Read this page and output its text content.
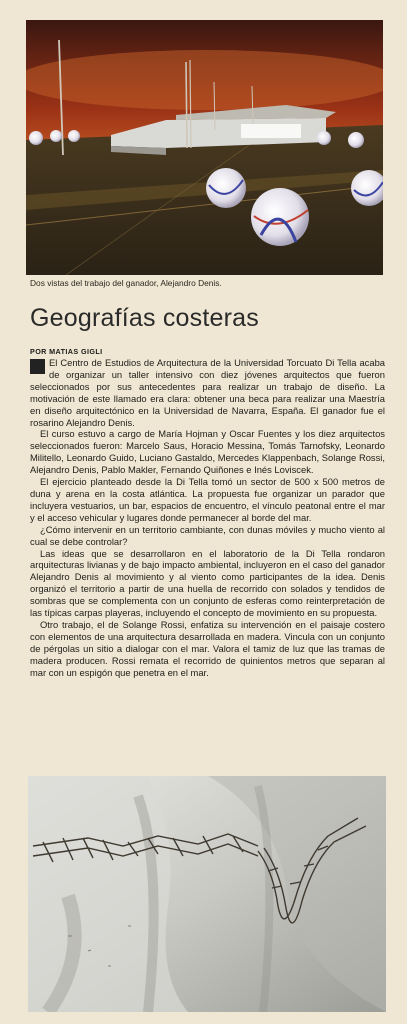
Dos vistas del trabajo del ganador, Alejandro Denis.
Geografías costeras
POR MATIAS GIGLI

El Centro de Estudios de Arquitectura de la Universidad Torcuato Di Tella acaba de organizar un taller intensivo con diez jóvenes arquitectos que fueron seleccionados por sus antecedentes para realizar un trabajo de diseño. La motivación de este llamado era clara: obtener una beca para realizar una Maestría en diseño arquitectónico en la Universidad de Navarra, España. El ganador fue el rosarino Alejandro Denis.

El curso estuvo a cargo de María Hojman y Oscar Fuentes y los diez arquitectos seleccionados fueron: Marcelo Saus, Horacio Messina, Tomás Tarnofsky, Leonardo Militello, Leonardo Guido, Luciano Gastaldo, Mercedes Klappenbach, Solange Rossi, Alejandro Denis, Pablo Makler, Fernando Quiñones e Inés Loviscek.

El ejercicio planteado desde la Di Tella tomó un sector de 500 x 500 metros de duna y arena en la costa atlántica. La propuesta fue organizar un parador que incluyera vestuarios, un bar, espacios de encuentro, el vínculo peatonal entre el mar y el acceso vehicular y lugares donde permanecer al borde del mar.

¿Cómo intervenir en un territorio cambiante, con dunas móviles y mucho viento al cual se debe controlar?

Las ideas que se desarrollaron en el laboratorio de la Di Tella rondaron arquitecturas livianas y de bajo impacto ambiental, incluyeron en el caso del ganador Alejandro Denis al movimiento y al viento como participantes de la idea. Denis organizó el territorio a partir de una huella de recorrido con solados y tendidos de sombras que se complementa con un conjunto de esferas como reinterpretación de las típicas carpas playeras, incluyendo el concepto de movimiento en su propuesta.

Otro trabajo, el de Solange Rossi, enfatiza su intervención en el paisaje costero con elementos de una arquitectura desarrollada en madera. Vincula con un conjunto de pérgolas un sitio a dialogar con el mar. Valora el tamiz de luz que las tramas de madera producen. Rossi remata el recorrido de quinientos metros que separan al mar con un espigón que penetra en el mar.
